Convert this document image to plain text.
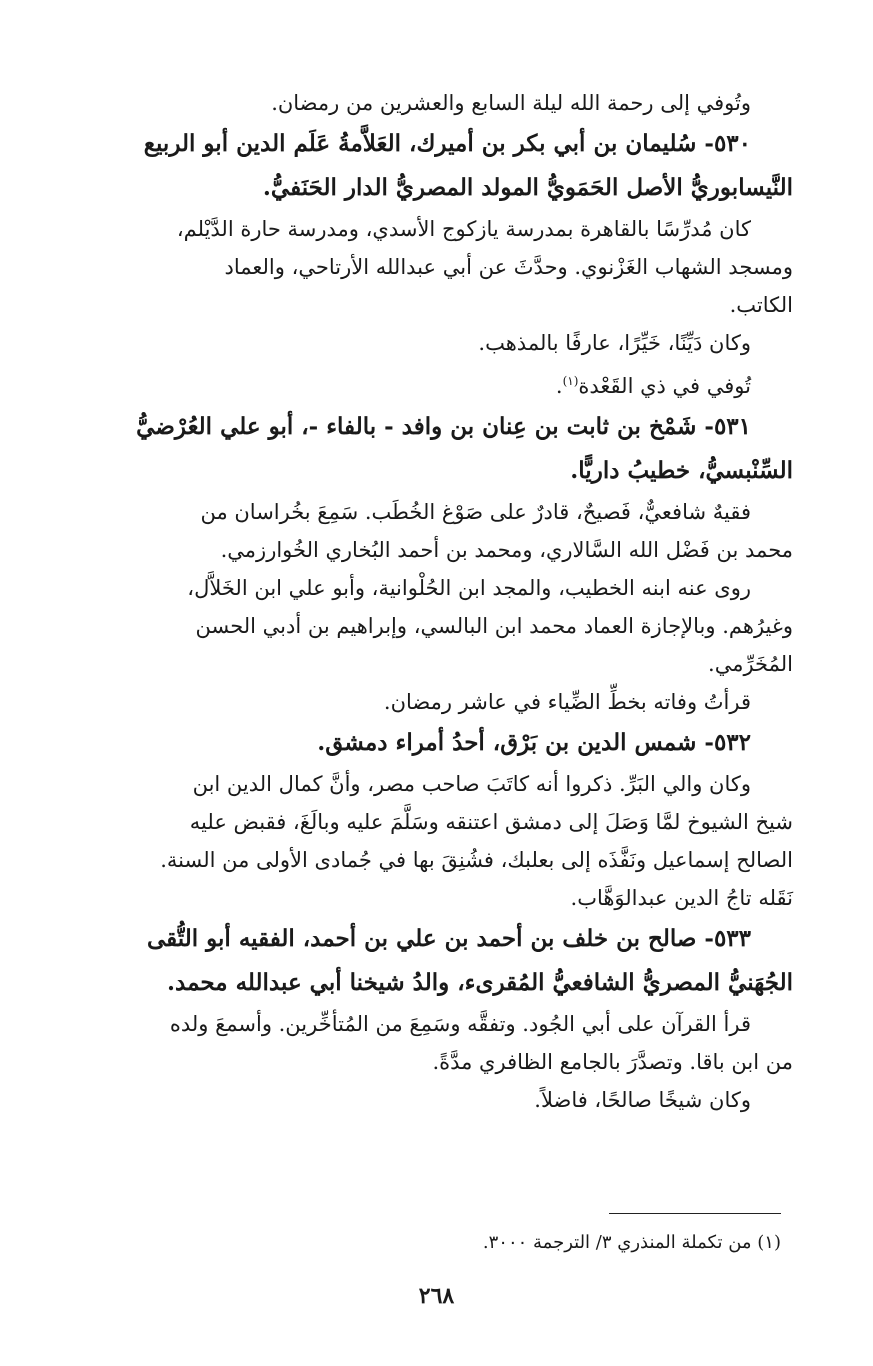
وتُوفي إلى رحمة الله ليلة السابع والعشرين من رمضان.

٥٣٠- سُليمان بن أبي بكر بن أميرك، العَلاَّمةُ عَلَم الدين أبو الربيع

النَّيسابوريُّ الأصل الحَمَويُّ المولد المصريُّ الدار الحَنَفيُّ.

كان مُدرِّسًا بالقاهرة بمدرسة يازكوج الأسدي، ومدرسة حارة الدَّيْلم،

ومسجد الشهاب الغَزْنوي. وحدَّثَ عن أبي عبدالله الأرتاحي، والعماد

الكاتب.

وكان دَيِّنًا، خَيِّرًا، عارفًا بالمذهب.

تُوفي في ذي القَعْدة$^{(١)}$.

٥٣١- شَمْخ بن ثابت بن عِنان بن وافد - بالفاء -، أبو علي العُرْضيُّ

السِّنْبسيُّ، خطيبُ داريًّا.

فقيهٌ شافعيٌّ، فَصيحٌ، قادرٌ على صَوْغ الخُطَب. سَمِعَ بخُراسان من

محمد بن فَضْل الله السَّالاري، ومحمد بن أحمد البُخاري الخُوارزمي.

روى عنه ابنه الخطيب، والمجد ابن الحُلْوانية، وأبو علي ابن الخَلاَّل،

وغيرُهم. وبالإجازة العماد محمد ابن البالسي، وإبراهيم بن أدبي الحسن

المُخَرِّمي.

قرأتُ وفاته بخطِّ الضِّياء في عاشر رمضان.

٥٣٢- شمس الدين بن بَرْق، أحدُ أمراء دمشق.

وكان والي البَرِّ. ذكروا أنه كاتَبَ صاحب مصر، وأنَّ كمال الدين ابن

شيخ الشيوخ لمَّا وَصَلَ إلى دمشق اعتنقه وسَلَّمَ عليه وبالَغَ، فقبض عليه

الصالح إسماعيل ونَفَّذَه إلى بعلبك، فشُنِقَ بها في جُمادى الأولى من السنة.

نَقَله تاجُ الدين عبدالوَهَّاب.

٥٣٣- صالح بن خلف بن أحمد بن علي بن أحمد، الفقيه أبو التُّقى

الجُهَنيُّ المصريُّ الشافعيُّ المُقرىء، والدُ شيخنا أبي عبدالله محمد.

قرأ القرآن على أبي الجُود. وتفقَّه وسَمِعَ من المُتأخِّرين. وأسمعَ ولده

من ابن باقا. وتصدَّرَ بالجامع الظافري مدَّةً.

وكان شيخًا صالحًا، فاضلاً.

(١) من تكملة المنذري ٣/ الترجمة ٣٠٠٠.
٢٦٨
